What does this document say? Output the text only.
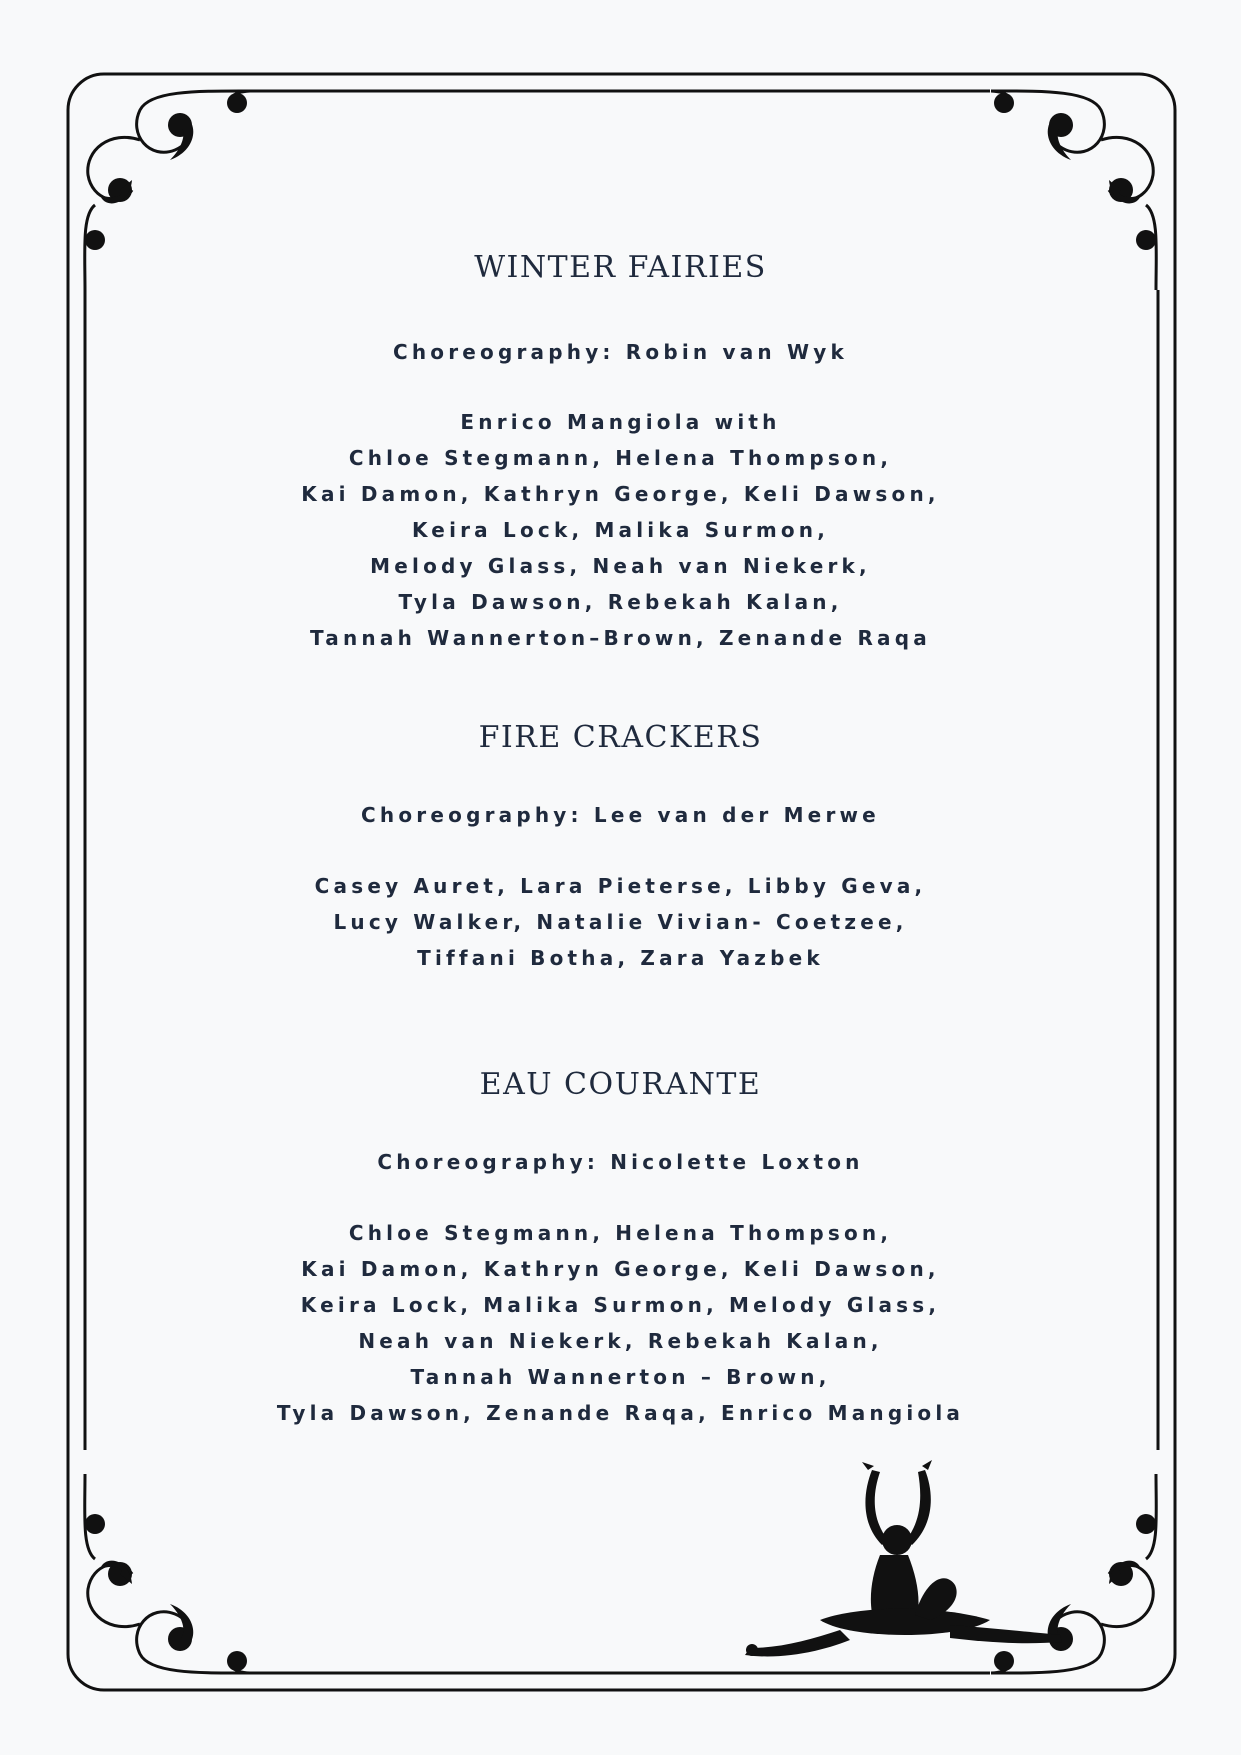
WINTER FAIRIES
Choreography: Robin van Wyk
Enrico Mangiola with
Chloe Stegmann, Helena Thompson,
Kai Damon, Kathryn George, Keli Dawson,
Keira Lock, Malika Surmon,
Melody Glass, Neah van Niekerk,
Tyla Dawson, Rebekah Kalan,
Tannah Wannerton–Brown, Zenande Raqa
FIRE CRACKERS
Choreography: Lee van der Merwe
Casey Auret, Lara Pieterse, Libby Geva,
Lucy Walker, Natalie Vivian- Coetzee,
Tiffani Botha, Zara Yazbek
EAU COURANTE
Choreography: Nicolette Loxton
Chloe Stegmann, Helena Thompson,
Kai Damon, Kathryn George, Keli Dawson,
Keira Lock, Malika Surmon, Melody Glass,
Neah van Niekerk, Rebekah Kalan,
Tannah Wannerton – Brown,
Tyla Dawson, Zenande Raqa, Enrico Mangiola
